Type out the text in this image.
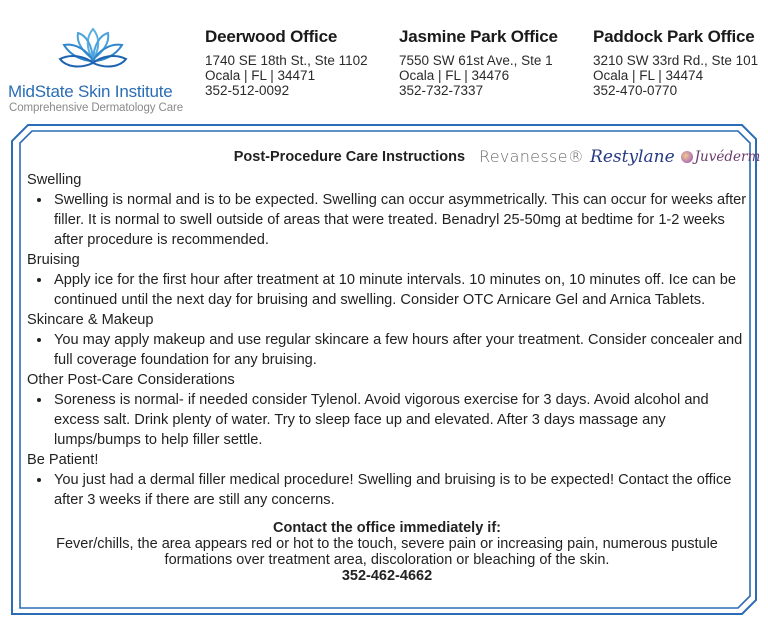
MidState Skin Institute
Comprehensive Dermatology Care
Deerwood Office
1740 SE 18th St., Ste 1102
Ocala | FL | 34471
352-512-0092
Jasmine Park Office
7550 SW 61st Ave., Ste 1
Ocala | FL | 34476
352-732-7337
Paddock Park Office
3210 SW 33rd Rd., Ste 101
Ocala | FL | 34474
352-470-0770
Post-Procedure Care Instructions Revanesse® Restylane Juvéderm
Swelling
• Swelling is normal and is to be expected. Swelling can occur asymmetrically. This can occur for weeks after filler. It is normal to swell outside of areas that were treated. Benadryl 25-50mg at bedtime for 1-2 weeks after procedure is recommended.
Bruising
• Apply ice for the first hour after treatment at 10 minute intervals. 10 minutes on, 10 minutes off. Ice can be continued until the next day for bruising and swelling. Consider OTC Arnicare Gel and Arnica Tablets.
Skincare & Makeup
• You may apply makeup and use regular skincare a few hours after your treatment. Consider concealer and full coverage foundation for any bruising.
Other Post-Care Considerations
• Soreness is normal- if needed consider Tylenol. Avoid vigorous exercise for 3 days. Avoid alcohol and excess salt. Drink plenty of water. Try to sleep face up and elevated. After 3 days massage any lumps/bumps to help filler settle.
Be Patient!
• You just had a dermal filler medical procedure! Swelling and bruising is to be expected! Contact the office after 3 weeks if there are still any concerns.
Contact the office immediately if:
Fever/chills, the area appears red or hot to the touch, severe pain or increasing pain, numerous pustule formations over treatment area, discoloration or bleaching of the skin.
352-462-4662
